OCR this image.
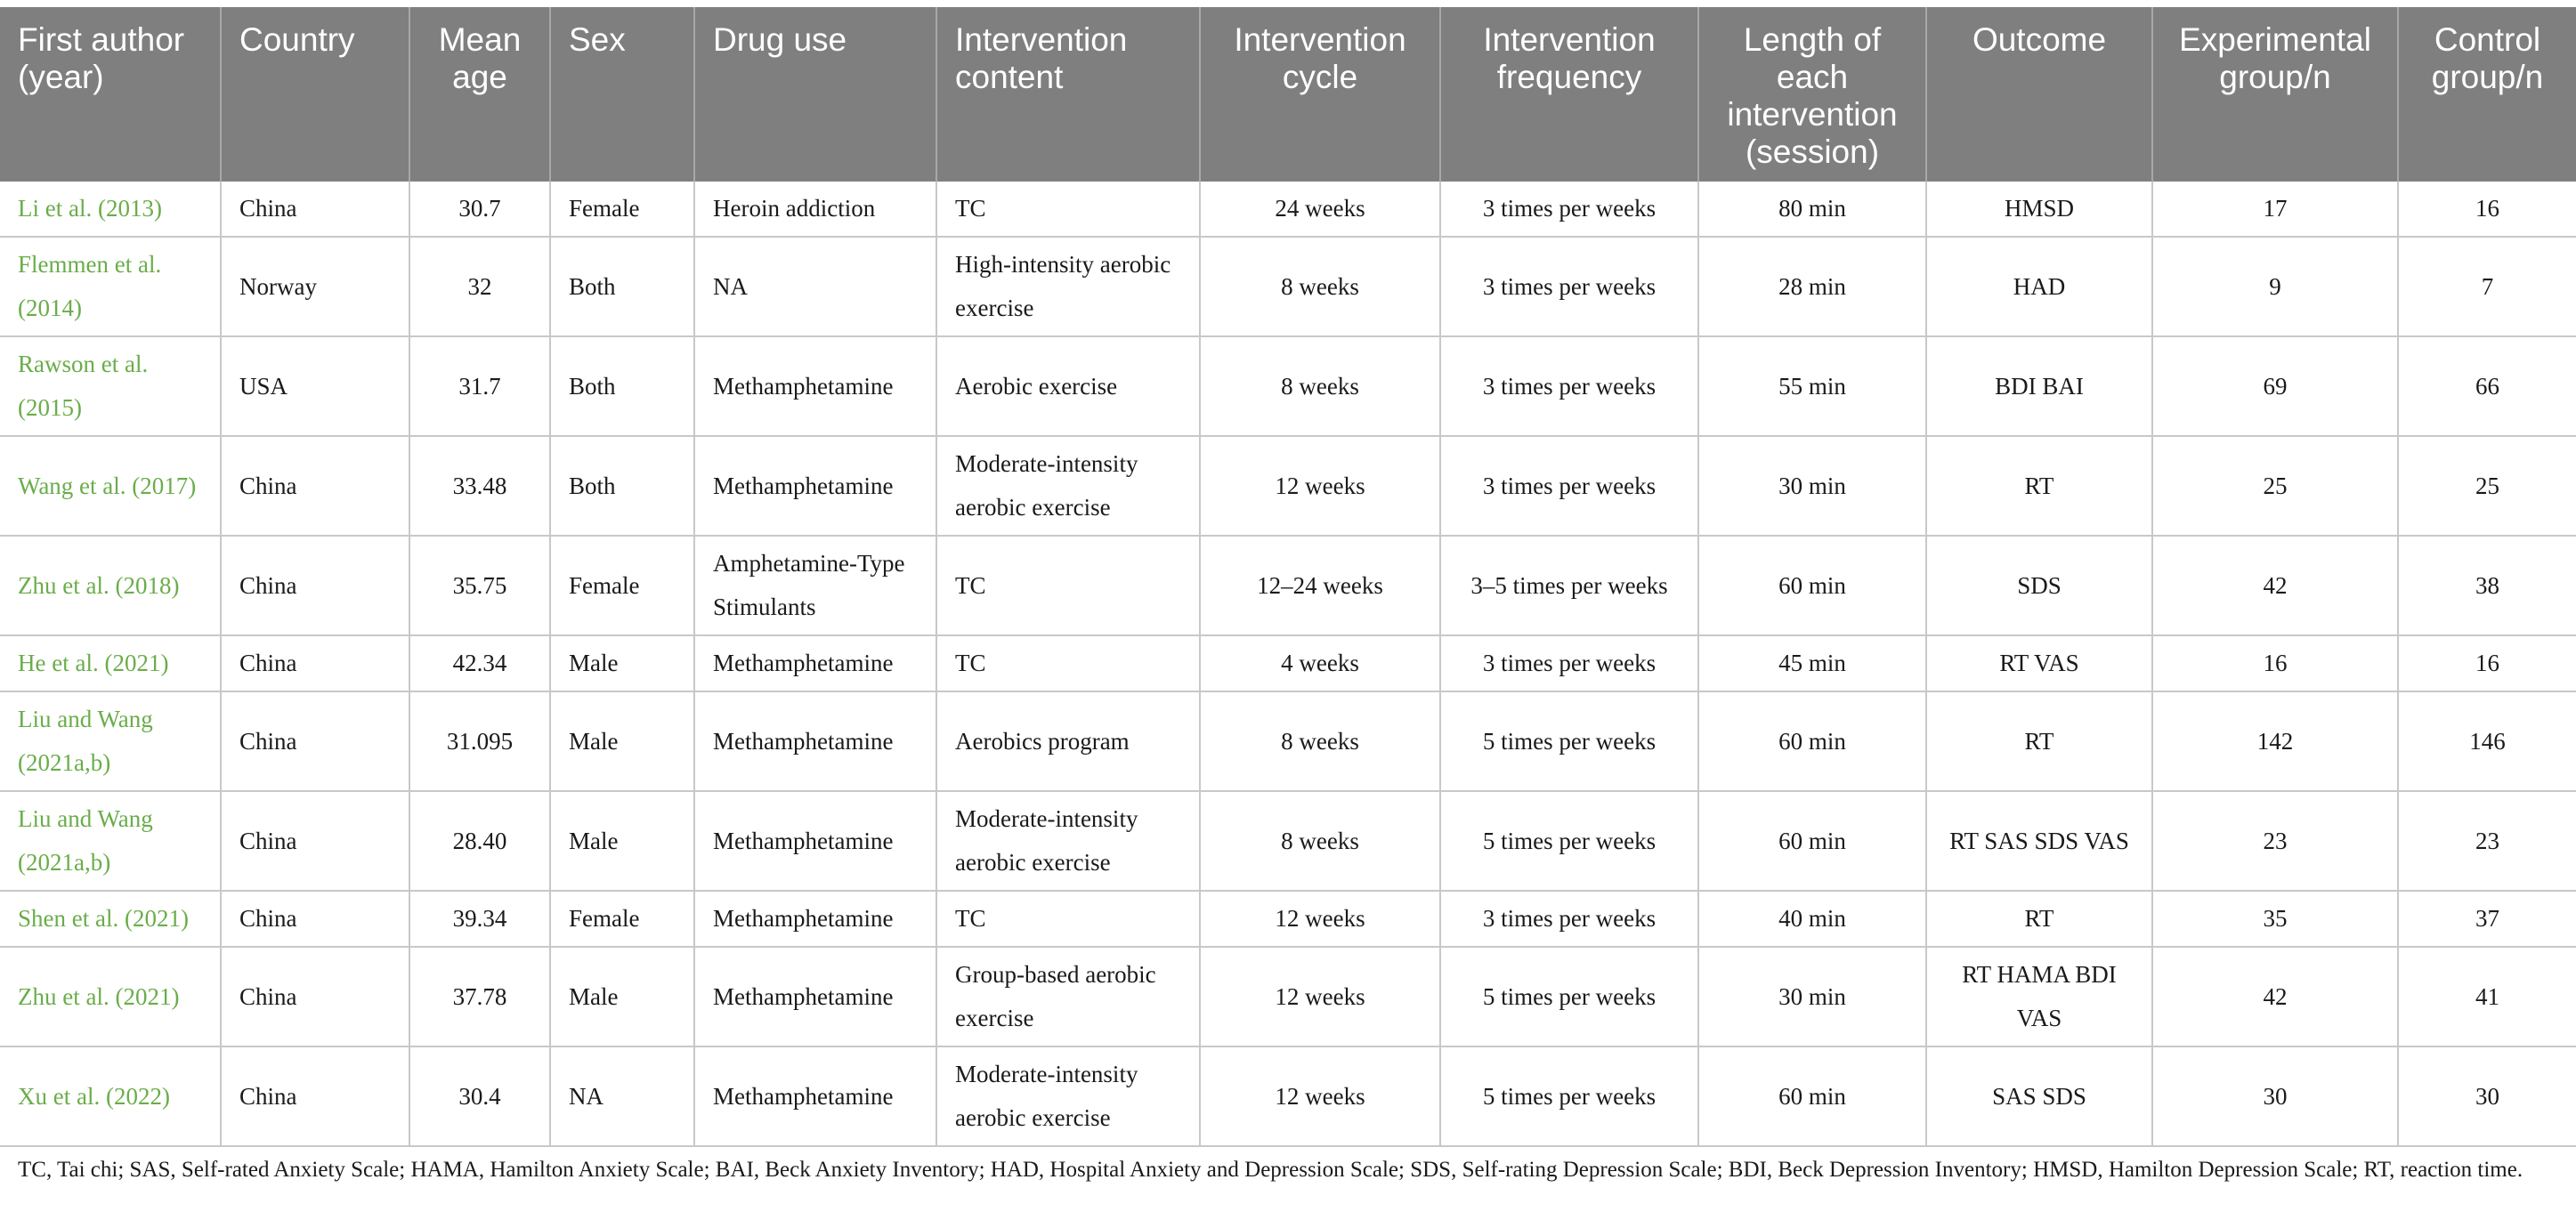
First author (year)	Country	Mean age	Sex	Drug use	Intervention content	Intervention cycle	Intervention frequency	Length of each intervention (session)	Outcome	Experimental group/n	Control group/n
Li et al. (2013)	China	30.7	Female	Heroin addiction	TC	24 weeks	3 times per weeks	80 min	HMSD	17	16
Flemmen et al. (2014)	Norway	32	Both	NA	High-intensity aerobic exercise	8 weeks	3 times per weeks	28 min	HAD	9	7
Rawson et al. (2015)	USA	31.7	Both	Methamphetamine	Aerobic exercise	8 weeks	3 times per weeks	55 min	BDI BAI	69	66
Wang et al. (2017)	China	33.48	Both	Methamphetamine	Moderate-intensity aerobic exercise	12 weeks	3 times per weeks	30 min	RT	25	25
Zhu et al. (2018)	China	35.75	Female	Amphetamine-Type Stimulants	TC	12–24 weeks	3–5 times per weeks	60 min	SDS	42	38
He et al. (2021)	China	42.34	Male	Methamphetamine	TC	4 weeks	3 times per weeks	45 min	RT VAS	16	16
Liu and Wang (2021a,b)	China	31.095	Male	Methamphetamine	Aerobics program	8 weeks	5 times per weeks	60 min	RT	142	146
Liu and Wang (2021a,b)	China	28.40	Male	Methamphetamine	Moderate-intensity aerobic exercise	8 weeks	5 times per weeks	60 min	RT SAS SDS VAS	23	23
Shen et al. (2021)	China	39.34	Female	Methamphetamine	TC	12 weeks	3 times per weeks	40 min	RT	35	37
Zhu et al. (2021)	China	37.78	Male	Methamphetamine	Group-based aerobic exercise	12 weeks	5 times per weeks	30 min	RT HAMA BDI VAS	42	41
Xu et al. (2022)	China	30.4	NA	Methamphetamine	Moderate-intensity aerobic exercise	12 weeks	5 times per weeks	60 min	SAS SDS	30	30
TC, Tai chi; SAS, Self-rated Anxiety Scale; HAMA, Hamilton Anxiety Scale; BAI, Beck Anxiety Inventory; HAD, Hospital Anxiety and Depression Scale; SDS, Self-rating Depression Scale; BDI, Beck Depression Inventory; HMSD, Hamilton Depression Scale; RT, reaction time.
